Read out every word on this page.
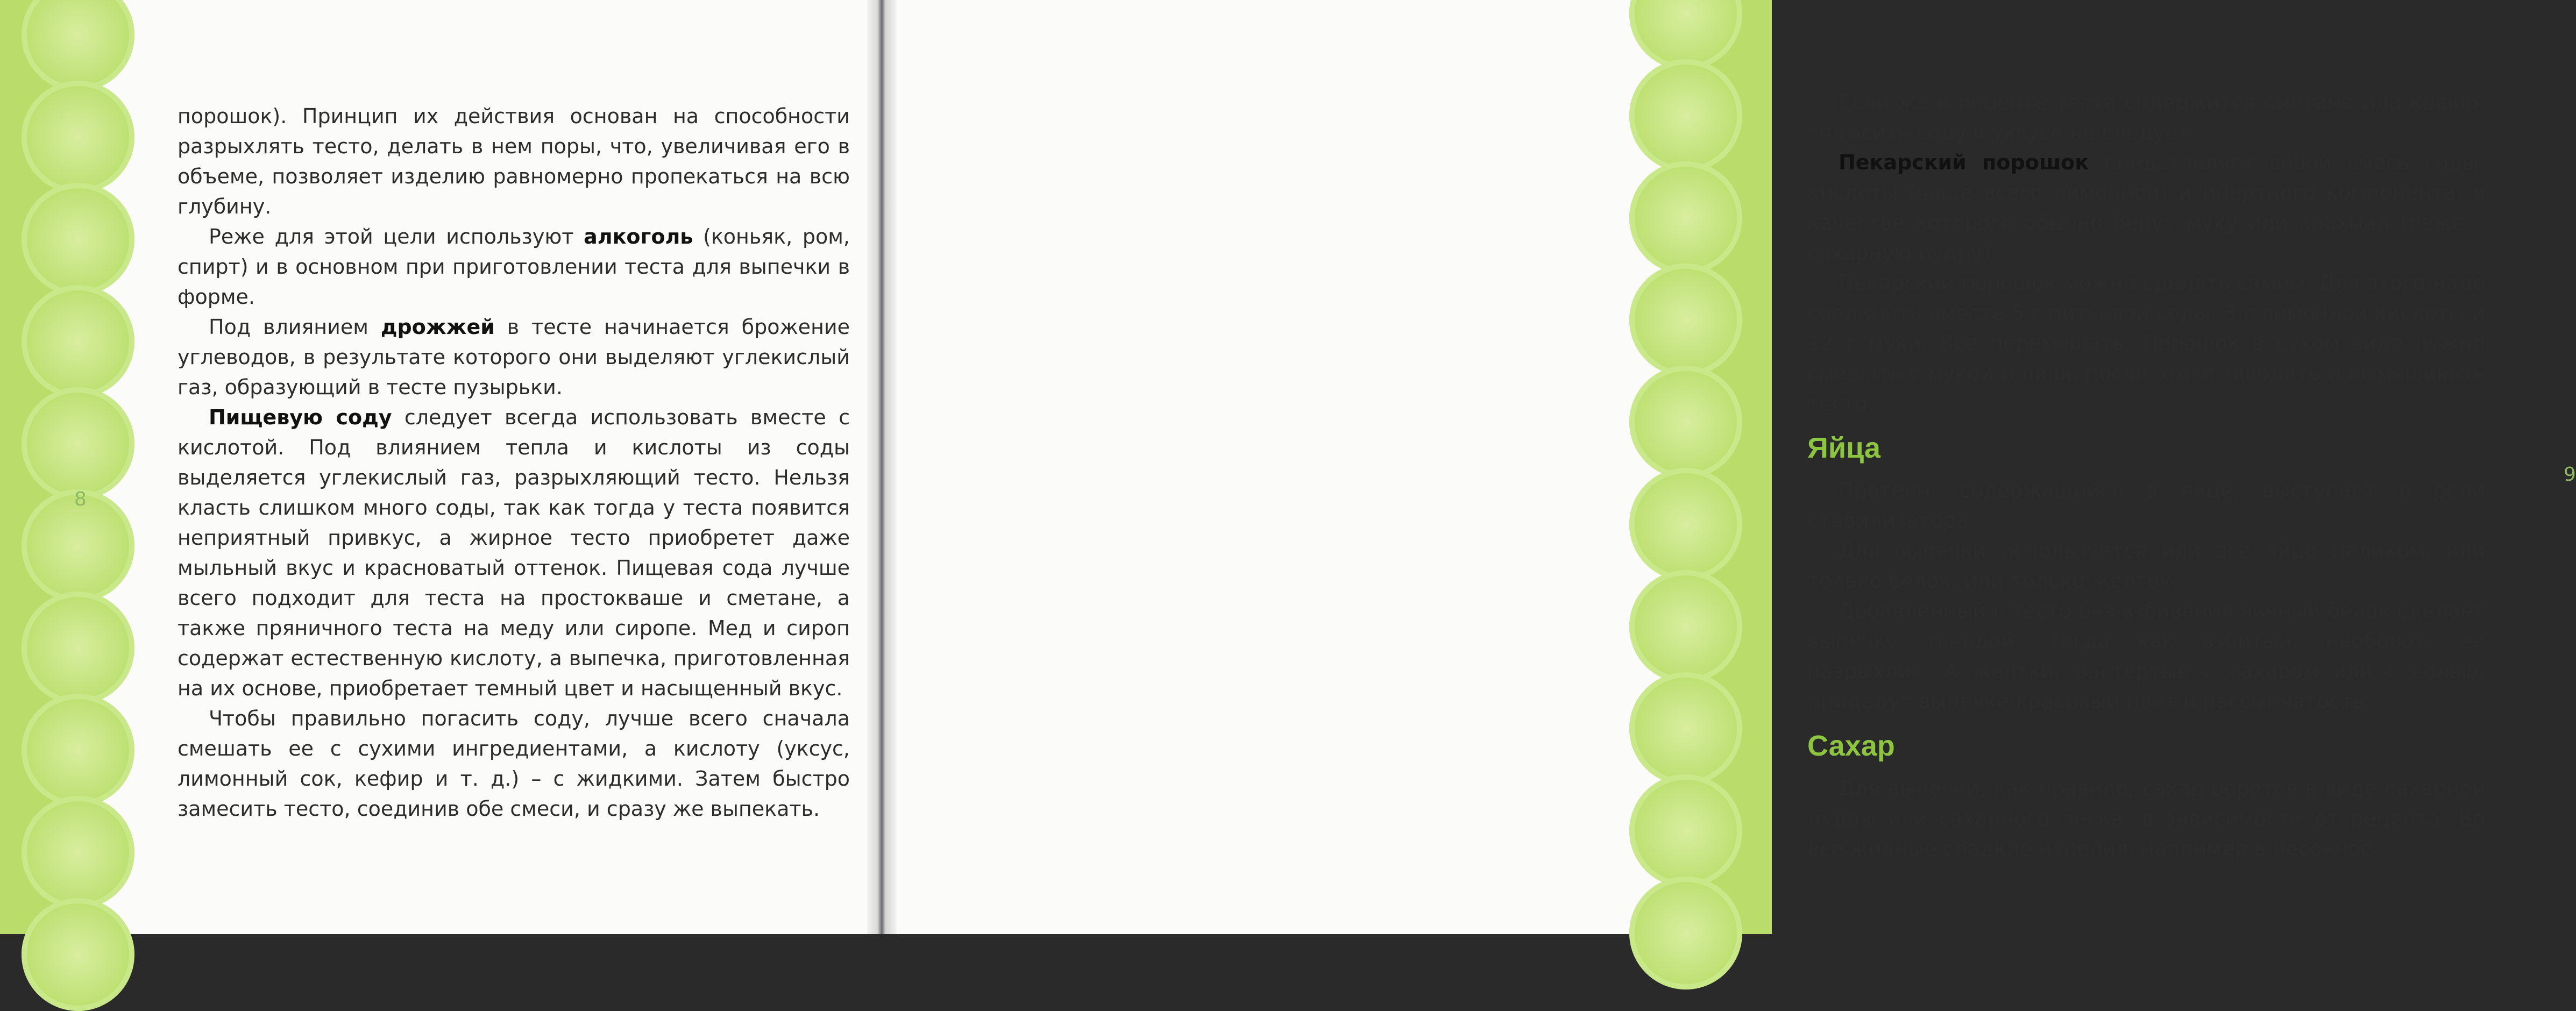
8

порошок). Принцип их действия основан на способности разрыхлять тесто, делать в нем поры, что, увеличивая его в объеме, позволяет изделию равномерно пропекаться на всю глубину.

Реже для этой цели используют алкоголь (коньяк, ром, спирт) и в основном при приготовлении теста для выпечки в форме.

Под влиянием дрожжей в тесте начинается брожение углеводов, в результате которого они выделяют углекислый газ, образующий в тесте пузырьки.

Пищевую соду следует всегда использовать вместе с кислотой. Под влиянием тепла и кислоты из соды выделяется углекислый газ, разрыхляющий тесто. Нельзя класть слишком много соды, так как тогда у теста появится неприятный привкус, а жирное тесто приобретет даже мыльный вкус и красноватый оттенок. Пищевая сода лучше всего подходит для теста на простокваше и сметане, а также пряничного теста на меду или сиропе. Мед и сироп содержат естественную кислоту, а выпечка, приготовленная на их основе, приобретает темный цвет и насыщенный вкус.

Чтобы правильно погасить соду, лучше всего сначала смешать ее с сухими ингредиентами, а кислоту (уксус, лимонный сок, кефир и т. д.) – с жидкими. Затем быстро замесить тесто, соединив обе смеси, и сразу же выпекать.

9

Если же в рецепте теста содержится сметана или кефир, то гасить соду в уксусе не следует.

Пекарский порошок представляет собой смесь соды, кислоты (чаще всего лимонной) и инертного компонента, в качестве которого обычно берут муку или крахмал (реже – сахарную пудру).

Пекарский порошок можно сделать самим. Для этого надо соединить вместе 5 г питьевой соды, 3 г лимонной кислоты и 12 г муки. Все перемешать. Порошок в сухом виде нужно смешать с мукой и лишь после этого заводить и вымешивать тесто.

Яйца

Протеин, содержащийся в яйце, выступает в роли стабилизатора.

Для выпечки используется или все яйцо целиком, или только белок, или только желток.

Добавленный в тесто без взбивания яичный белок сделает выпечку твердой, тогда как взбитый, наоборот, ее разрыхлит. А желтки, растертые с сахаром или с солью, придадут выпечке красивый цвет и рассыпчатость.

Сахар

Для выпечки, как правило, сахар берется в виде сахарной пудры или сахарного песка, в зависимости от рецепта. Во все жирные сладкие изделия, например в песочное
